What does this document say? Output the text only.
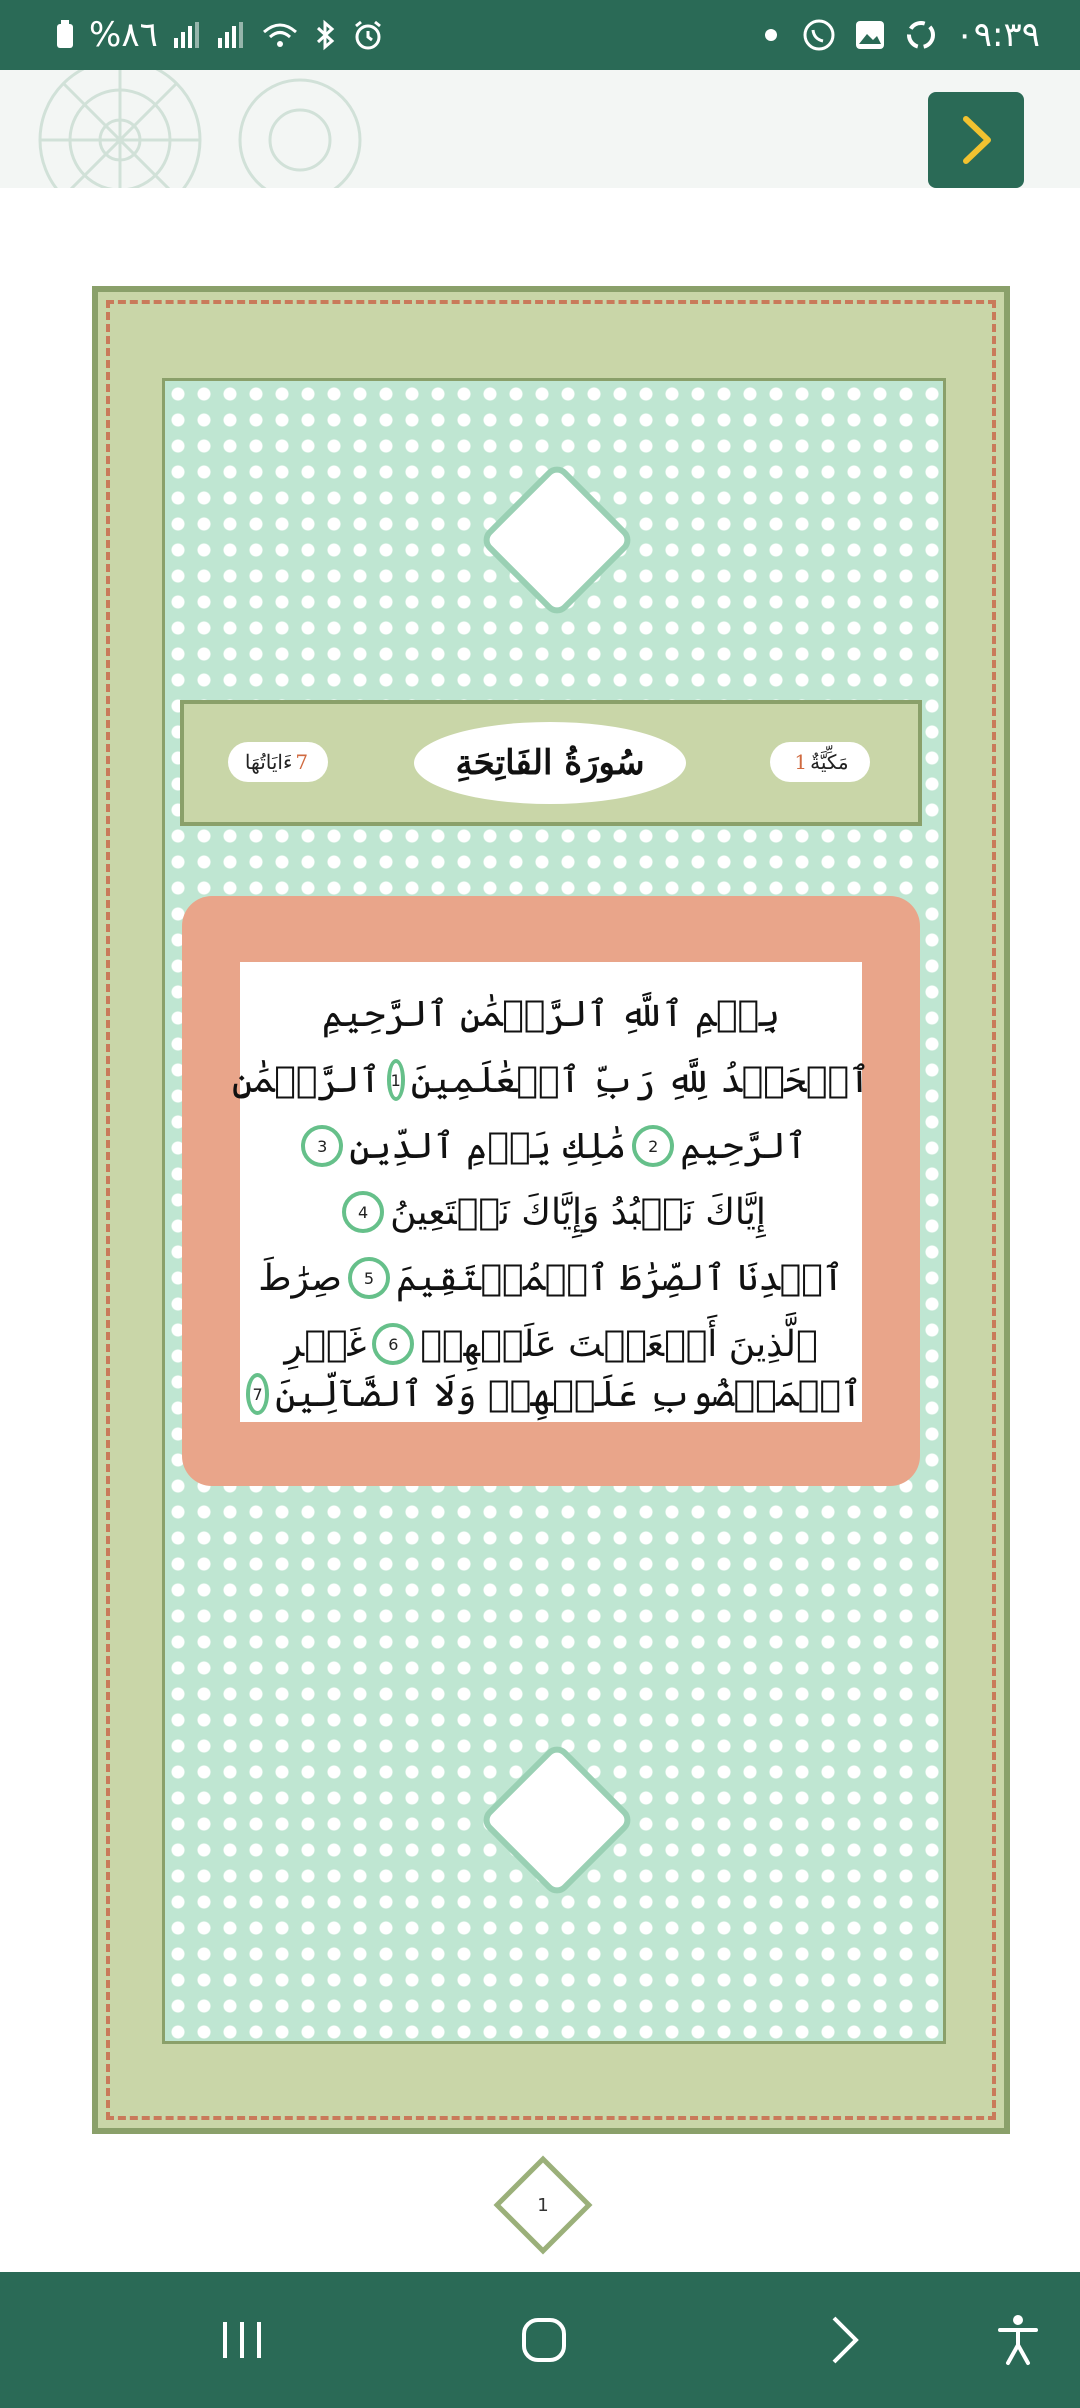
%٨٦	٠٩:٣٩
ءَايَاتُهَا 7	سُورَةُ الفَاتِحَةِ	1 مَكِّيَّةٌ
بِسۡمِ ٱللَّهِ ٱلرَّحۡمَٰنِ ٱلرَّحِيمِ
ٱلۡحَمۡدُ لِلَّهِ رَبِّ ٱلۡعَٰلَمِينَ
1
ٱلرَّحۡمَٰنِ
ٱلرَّحِيمِ
2
مَٰلِكِ يَوۡمِ ٱلدِّينِ
3
إِيَّاكَ نَعۡبُدُ وَإِيَّاكَ نَسۡتَعِينُ
4
ٱهۡدِنَا ٱلصِّرَٰطَ ٱلۡمُسۡتَقِيمَ
5
صِرَٰطَ
ٱلَّذِينَ أَنۡعَمۡتَ عَلَيۡهِمۡ
6
غَيۡرِ
ٱلۡمَغۡضُوبِ عَلَيۡهِمۡ وَلَا ٱلضَّآلِّينَ
7
1
